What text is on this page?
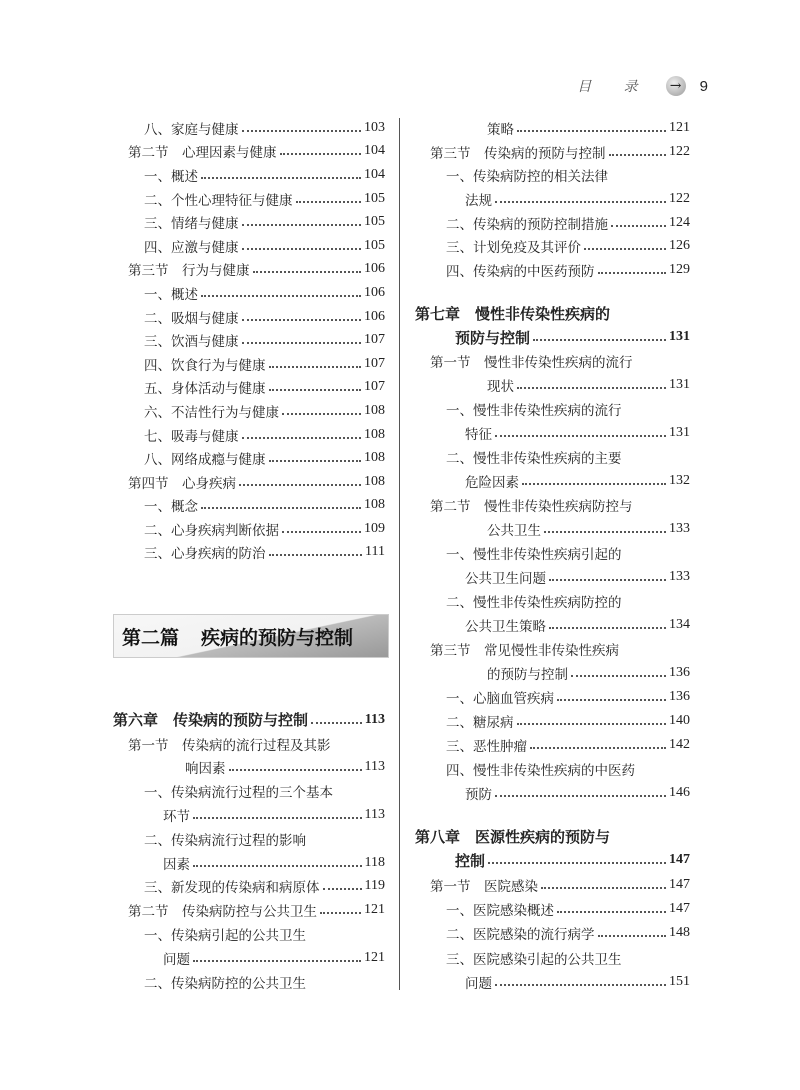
目 录 → 9
第二篇 疾病的预防与控制
八、家庭与健康	103
第二节　心理因素与健康	104
一、概述	104
二、个性心理特征与健康	105
三、情绪与健康	105
四、应激与健康	105
第三节　行为与健康	106
一、概述	106
二、吸烟与健康	106
三、饮酒与健康	107
四、饮食行为与健康	107
五、身体活动与健康	107
六、不洁性行为与健康	108
七、吸毒与健康	108
八、网络成瘾与健康	108
第四节　心身疾病	108
一、概念	108
二、心身疾病判断依据	109
三、心身疾病的防治	111
第六章　传染病的预防与控制	113
第一节　传染病的流行过程及其影
响因素	113
一、传染病流行过程的三个基本
环节	113
二、传染病流行过程的影响
因素	118
三、新发现的传染病和病原体	119
第二节　传染病防控与公共卫生	121
一、传染病引起的公共卫生
问题	121
二、传染病防控的公共卫生
策略	121
第三节　传染病的预防与控制	122
一、传染病防控的相关法律
法规	122
二、传染病的预防控制措施	124
三、计划免疫及其评价	126
四、传染病的中医药预防	129
第七章　慢性非传染性疾病的
预防与控制	131
第一节　慢性非传染性疾病的流行
现状	131
一、慢性非传染性疾病的流行
特征	131
二、慢性非传染性疾病的主要
危险因素	132
第二节　慢性非传染性疾病防控与
公共卫生	133
一、慢性非传染性疾病引起的
公共卫生问题	133
二、慢性非传染性疾病防控的
公共卫生策略	134
第三节　常见慢性非传染性疾病
的预防与控制	136
一、心脑血管疾病	136
二、糖尿病	140
三、恶性肿瘤	142
四、慢性非传染性疾病的中医药
预防	146
第八章　医源性疾病的预防与
控制	147
第一节　医院感染	147
一、医院感染概述	147
二、医院感染的流行病学	148
三、医院感染引起的公共卫生
问题	151
